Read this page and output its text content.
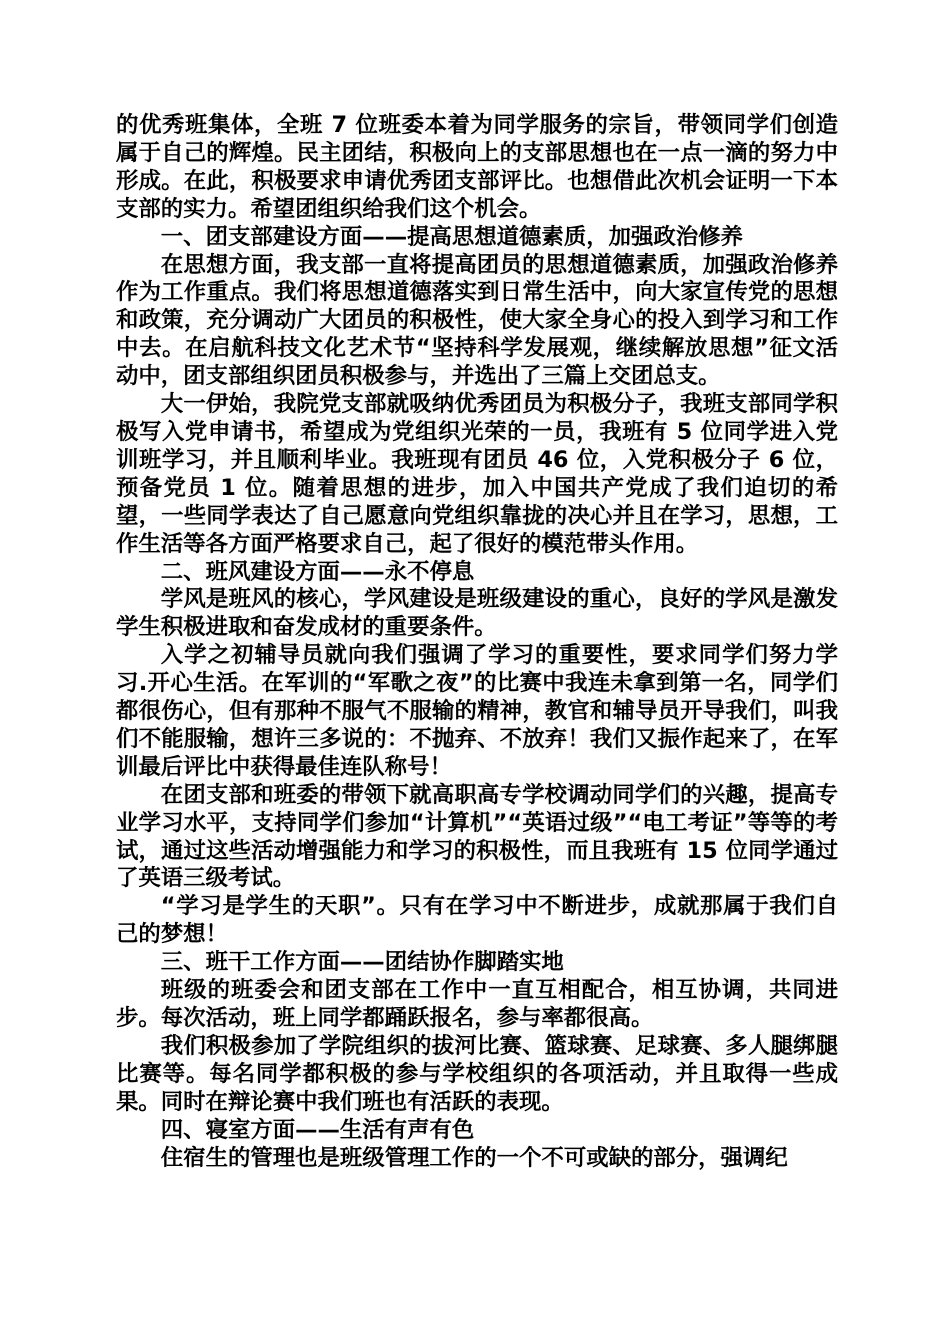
的优秀班集体，全班 7 位班委本着为同学服务的宗旨，带领同学们创造属于自己的辉煌。民主团结，积极向上的支部思想也在一点一滴的努力中形成。在此，积极要求申请优秀团支部评比。也想借此次机会证明一下本支部的实力。希望团组织给我们这个机会。

一、团支部建设方面——提高思想道德素质，加强政治修养

在思想方面，我支部一直将提高团员的思想道德素质，加强政治修养作为工作重点。我们将思想道德落实到日常生活中，向大家宣传党的思想和政策，充分调动广大团员的积极性，使大家全身心的投入到学习和工作中去。在启航科技文化艺术节“坚持科学发展观，继续解放思想”征文活动中，团支部组织团员积极参与，并选出了三篇上交团总支。

大一伊始，我院党支部就吸纳优秀团员为积极分子，我班支部同学积极写入党申请书，希望成为党组织光荣的一员，我班有 5 位同学进入党训班学习，并且顺利毕业。我班现有团员 46 位，入党积极分子 6 位，预备党员 1 位。随着思想的进步，加入中国共产党成了我们迫切的希望，一些同学表达了自己愿意向党组织靠拢的决心并且在学习，思想，工作生活等各方面严格要求自己，起了很好的模范带头作用。

二、班风建设方面——永不停息

学风是班风的核心，学风建设是班级建设的重心，良好的学风是激发学生积极进取和奋发成材的重要条件。

入学之初辅导员就向我们强调了学习的重要性，要求同学们努力学习.开心生活。在军训的“军歌之夜”的比赛中我连未拿到第一名，同学们都很伤心，但有那种不服气不服输的精神，教官和辅导员开导我们，叫我们不能服输，想许三多说的：不抛弃、不放弃！我们又振作起来了，在军训最后评比中获得最佳连队称号！

在团支部和班委的带领下就高职高专学校调动同学们的兴趣，提高专业学习水平，支持同学们参加“计算机”“英语过级”“电工考证”等等的考试，通过这些活动增强能力和学习的积极性，而且我班有 15 位同学通过了英语三级考试。

“学习是学生的天职”。只有在学习中不断进步，成就那属于我们自己的梦想！

三、班干工作方面——团结协作脚踏实地

班级的班委会和团支部在工作中一直互相配合，相互协调，共同进步。每次活动，班上同学都踊跃报名，参与率都很高。

我们积极参加了学院组织的拔河比赛、篮球赛、足球赛、多人腿绑腿比赛等。每名同学都积极的参与学校组织的各项活动，并且取得一些成果。同时在辩论赛中我们班也有活跃的表现。

四、寝室方面——生活有声有色

住宿生的管理也是班级管理工作的一个不可或缺的部分，强调纪
